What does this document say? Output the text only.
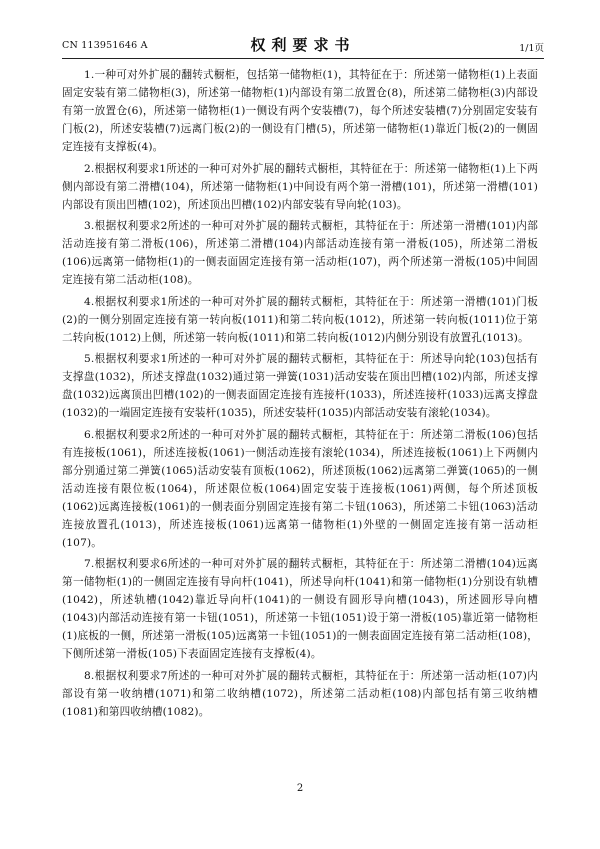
CN 113951646 A	权利要求书	1/1页

1.一种可对外扩展的翻转式橱柜，包括第一储物柜(1)，其特征在于：所述第一储物柜(1)上表面固定安装有第二储物柜(3)，所述第一储物柜(1)内部设有第二放置仓(8)，所述第二储物柜(3)内部设有第一放置仓(6)，所述第一储物柜(1)一侧设有两个安装槽(7)，每个所述安装槽(7)分别固定安装有门板(2)，所述安装槽(7)远离门板(2)的一侧设有门槽(5)，所述第一储物柜(1)靠近门板(2)的一侧固定连接有支撑板(4)。

2.根据权利要求1所述的一种可对外扩展的翻转式橱柜，其特征在于：所述第一储物柜(1)上下两侧内部设有第二滑槽(104)，所述第一储物柜(1)中间设有两个第一滑槽(101)，所述第一滑槽(101)内部设有顶出凹槽(102)，所述顶出凹槽(102)内部安装有导向轮(103)。

3.根据权利要求2所述的一种可对外扩展的翻转式橱柜，其特征在于：所述第一滑槽(101)内部活动连接有第二滑板(106)，所述第二滑槽(104)内部活动连接有第一滑板(105)，所述第二滑板(106)远离第一储物柜(1)的一侧表面固定连接有第一活动柜(107)，两个所述第一滑板(105)中间固定连接有第二活动柜(108)。

4.根据权利要求1所述的一种可对外扩展的翻转式橱柜，其特征在于：所述第一滑槽(101)门板(2)的一侧分别固定连接有第一转向板(1011)和第二转向板(1012)，所述第一转向板(1011)位于第二转向板(1012)上侧，所述第一转向板(1011)和第二转向板(1012)内侧分别设有放置孔(1013)。

5.根据权利要求1所述的一种可对外扩展的翻转式橱柜，其特征在于：所述导向轮(103)包括有支撑盘(1032)，所述支撑盘(1032)通过第一弹簧(1031)活动安装在顶出凹槽(102)内部，所述支撑盘(1032)远离顶出凹槽(102)的一侧表面固定连接有连接杆(1033)，所述连接杆(1033)远离支撑盘(1032)的一端固定连接有安装杆(1035)，所述安装杆(1035)内部活动安装有滚轮(1034)。

6.根据权利要求2所述的一种可对外扩展的翻转式橱柜，其特征在于：所述第二滑板(106)包括有连接板(1061)，所述连接板(1061)一侧活动连接有滚轮(1034)，所述连接板(1061)上下两侧内部分别通过第二弹簧(1065)活动安装有顶板(1062)，所述顶板(1062)远离第二弹簧(1065)的一侧活动连接有限位板(1064)，所述限位板(1064)固定安装于连接板(1061)两侧，每个所述顶板(1062)远离连接板(1061)的一侧表面分别固定连接有第二卡钮(1063)，所述第二卡钮(1063)活动连接放置孔(1013)，所述连接板(1061)远离第一储物柜(1)外壁的一侧固定连接有第一活动柜(107)。

7.根据权利要求6所述的一种可对外扩展的翻转式橱柜，其特征在于：所述第二滑槽(104)远离第一储物柜(1)的一侧固定连接有导向杆(1041)，所述导向杆(1041)和第一储物柜(1)分别设有轨槽(1042)，所述轨槽(1042)靠近导向杆(1041)的一侧设有圆形导向槽(1043)，所述圆形导向槽(1043)内部活动连接有第一卡钮(1051)，所述第一卡钮(1051)设于第一滑板(105)靠近第一储物柜(1)底板的一侧，所述第一滑板(105)远离第一卡钮(1051)的一侧表面固定连接有第二活动柜(108)，下侧所述第一滑板(105)下表面固定连接有支撑板(4)。

8.根据权利要求7所述的一种可对外扩展的翻转式橱柜，其特征在于：所述第一活动柜(107)内部设有第一收纳槽(1071)和第二收纳槽(1072)，所述第二活动柜(108)内部包括有第三收纳槽(1081)和第四收纳槽(1082)。

2
